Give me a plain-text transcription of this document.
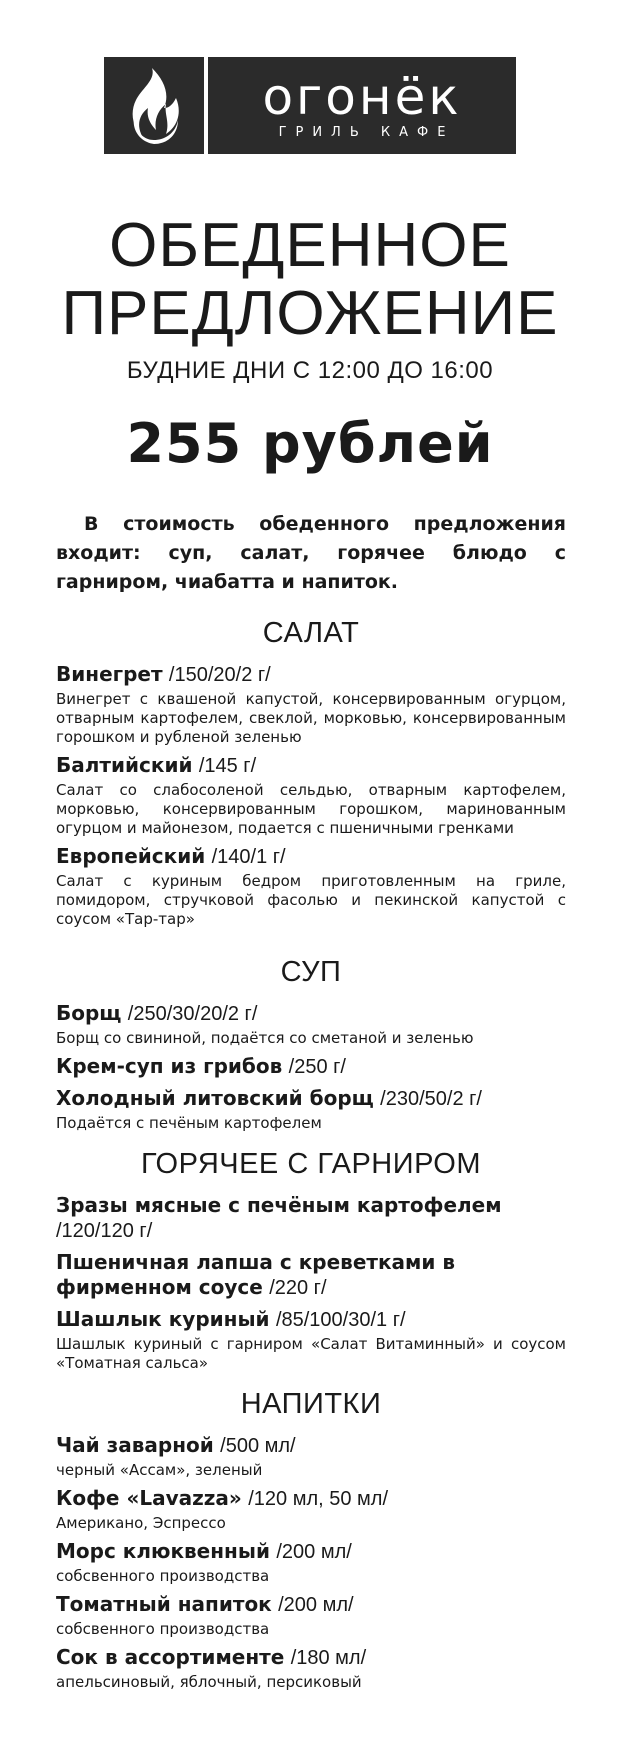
огонёк
ГРИЛЬ КАФЕ
ОБЕДЕННОЕ
ПРЕДЛОЖЕНИЕ
БУДНИЕ ДНИ С 12:00 ДО 16:00
255 рублей
В стоимость обеденного предложения входит: суп, салат, горячее блюдо с гарниром, чиабатта и напиток.
САЛАТ
Винегрет /150/20/2 г/
Винегрет с квашеной капустой, консервированным огурцом, отварным картофелем, свеклой, морковью, консервированным горошком и рубленой зеленью
Балтийский /145 г/
Салат со слабосоленой сельдью, отварным картофелем, морковью, консервированным горошком, маринованным огурцом и майонезом, подается с пшеничными гренками
Европейский /140/1 г/
Салат с куриным бедром приготовленным на гриле, помидором, стручковой фасолью и пекинской капустой с соусом «Тар-тар»
СУП
Борщ /250/30/20/2 г/
Борщ со свининой, подаётся со сметаной и зеленью
Крем-суп из грибов /250 г/
Холодный литовский борщ /230/50/2 г/
Подаётся с печёным картофелем
ГОРЯЧЕЕ С ГАРНИРОМ
Зразы мясные с печёным картофелем /120/120 г/
Пшеничная лапша с креветками в фирменном соусе /220 г/
Шашлык куриный /85/100/30/1 г/
Шашлык куриный с гарниром «Салат Витаминный» и соусом «Томатная сальса»
НАПИТКИ
Чай заварной /500 мл/
черный «Ассам», зеленый
Кофе «Lavazza» /120 мл, 50 мл/
Американо, Эспрессо
Морс клюквенный /200 мл/
собсвенного производства
Томатный напиток /200 мл/
собсвенного производства
Сок в ассортименте /180 мл/
апельсиновый, яблочный, персиковый
